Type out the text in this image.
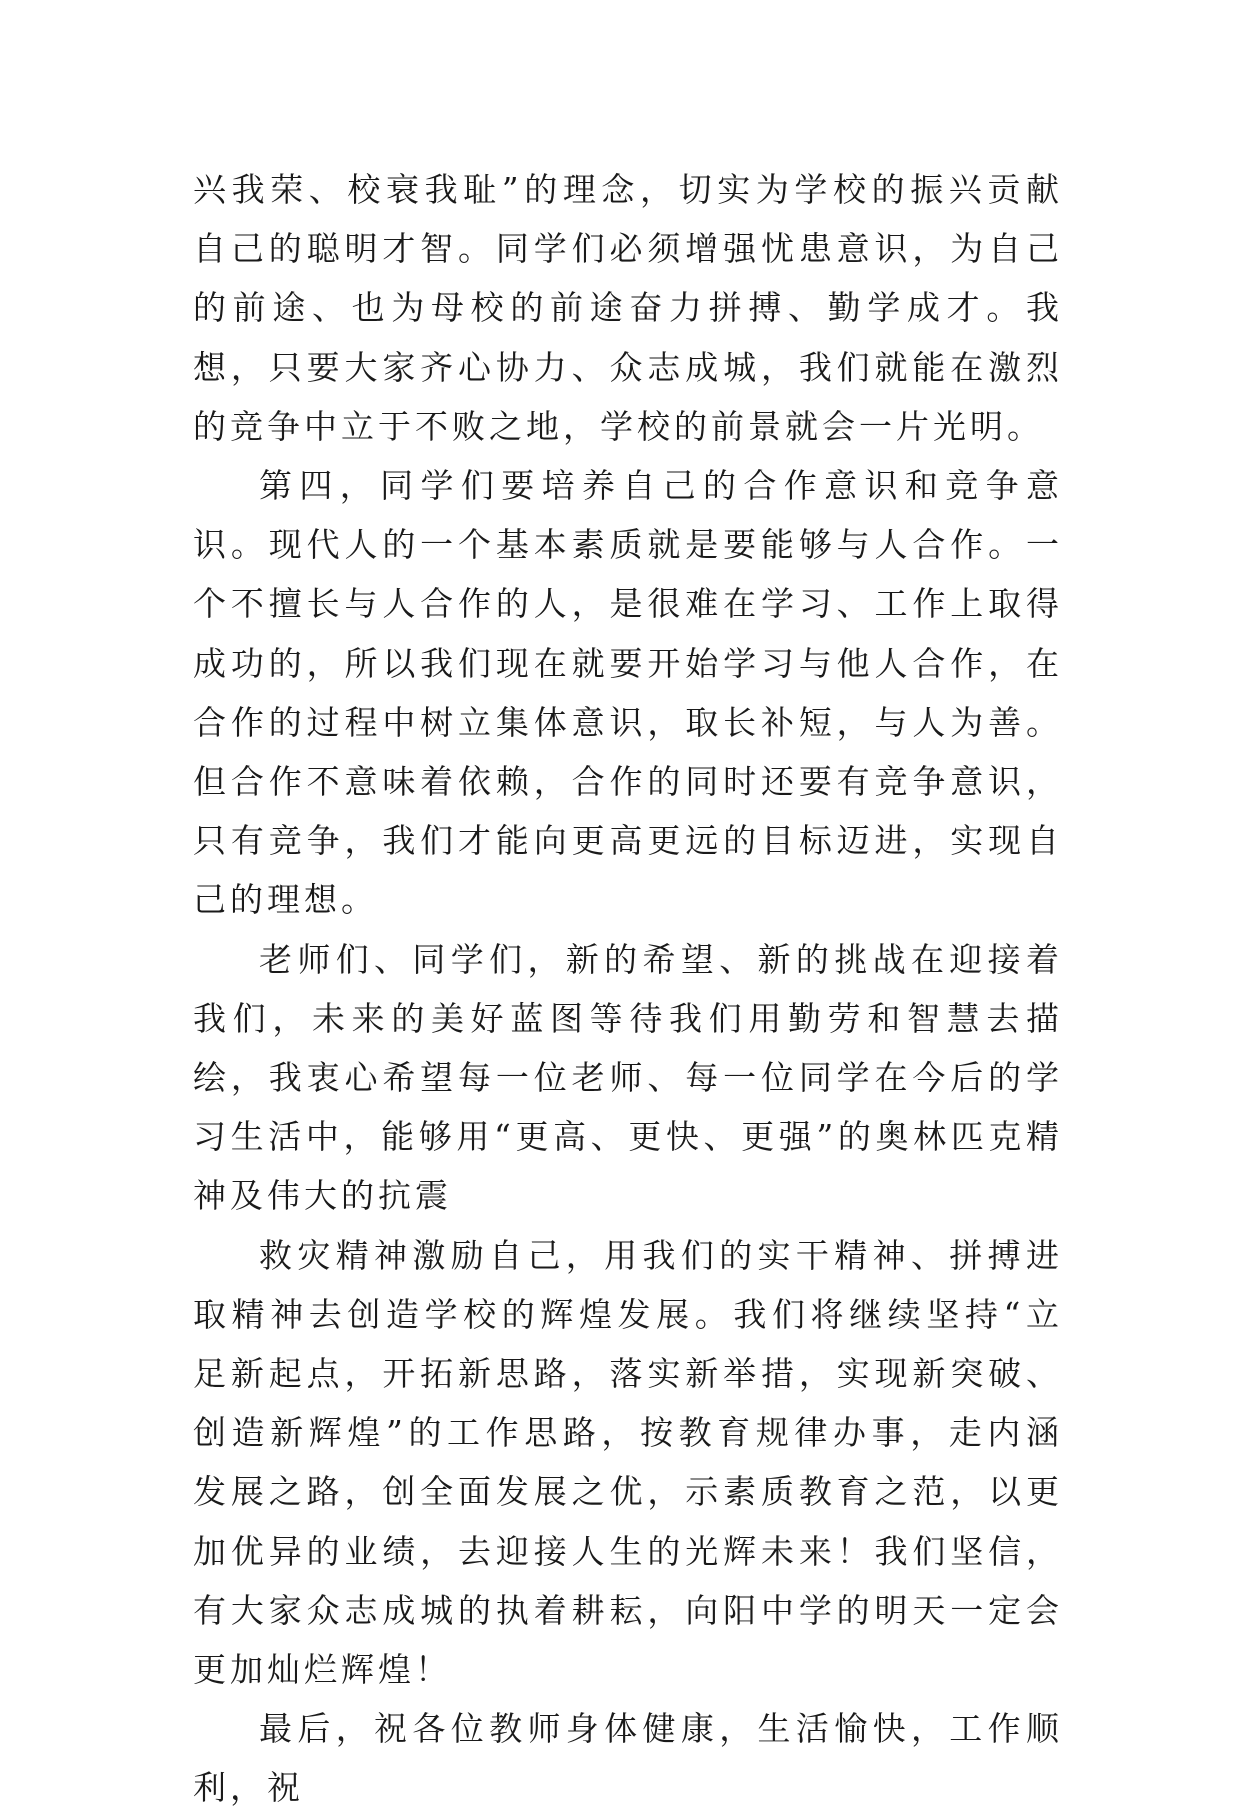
兴我荣、校衰我耻”的理念，切实为学校的振兴贡献自己的聪明才智。同学们必须增强忧患意识，为自己的前途、也为母校的前途奋力拼搏、勤学成才。我想，只要大家齐心协力、众志成城，我们就能在激烈的竞争中立于不败之地，学校的前景就会一片光明。

第四，同学们要培养自己的合作意识和竞争意识。现代人的一个基本素质就是要能够与人合作。一个不擅长与人合作的人，是很难在学习、工作上取得成功的，所以我们现在就要开始学习与他人合作，在合作的过程中树立集体意识，取长补短，与人为善。但合作不意味着依赖，合作的同时还要有竞争意识，只有竞争，我们才能向更高更远的目标迈进，实现自己的理想。

老师们、同学们，新的希望、新的挑战在迎接着我们，未来的美好蓝图等待我们用勤劳和智慧去描绘，我衷心希望每一位老师、每一位同学在今后的学习生活中，能够用“更高、更快、更强”的奥林匹克精神及伟大的抗震

救灾精神激励自己，用我们的实干精神、拼搏进取精神去创造学校的辉煌发展。我们将继续坚持“立足新起点，开拓新思路，落实新举措，实现新突破、创造新辉煌”的工作思路，按教育规律办事，走内涵发展之路，创全面发展之优，示素质教育之范，以更加优异的业绩，去迎接人生的光辉未来！我们坚信，有大家众志成城的执着耕耘，向阳中学的明天一定会更加灿烂辉煌！

最后，祝各位教师身体健康，生活愉快，工作顺利，祝
